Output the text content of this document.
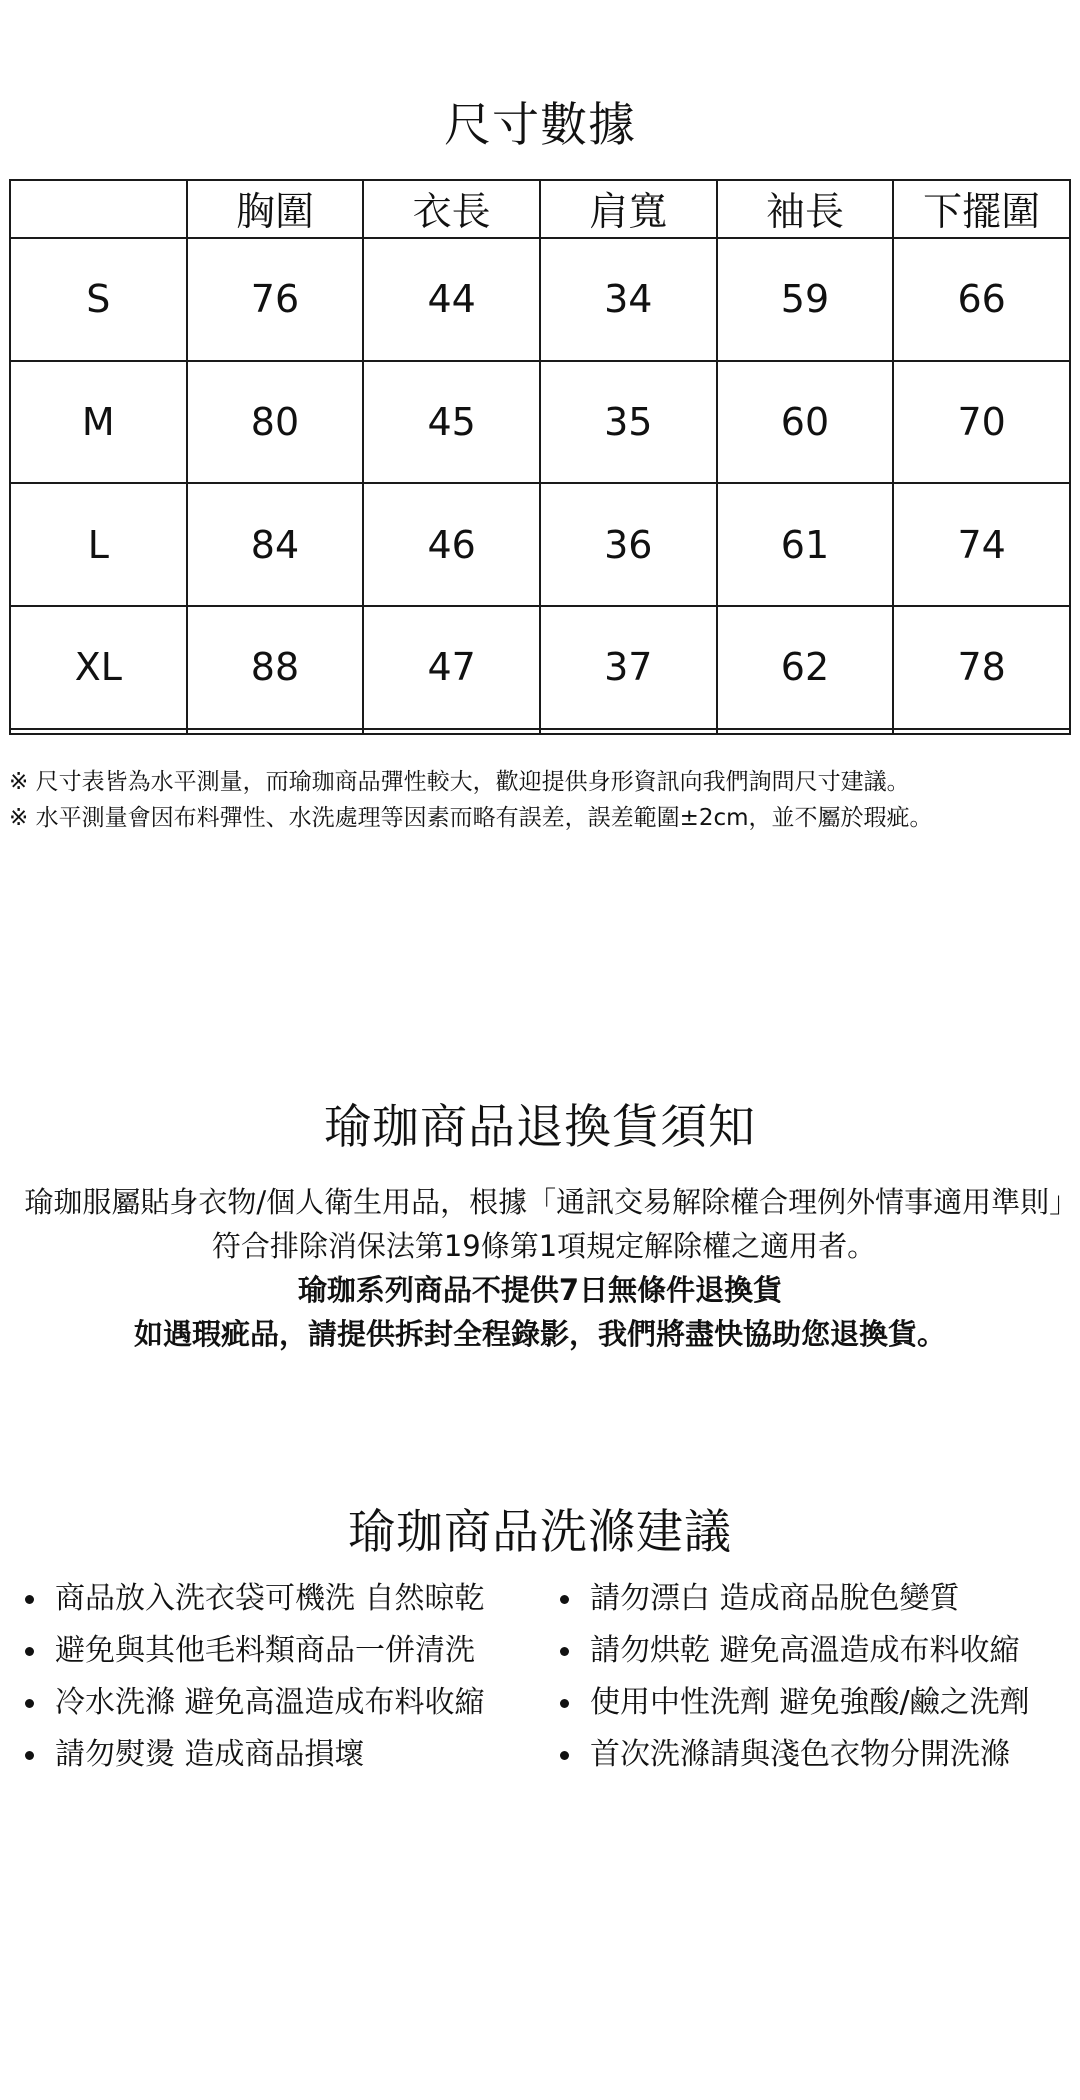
尺寸數據
	胸圍	衣長	肩寬	袖長	下擺圍
S	76	44	34	59	66
M	80	45	35	60	70
L	84	46	36	61	74
XL	88	47	37	62	78

※ 尺寸表皆為水平測量，而瑜珈商品彈性較大，歡迎提供身形資訊向我們詢問尺寸建議。
※ 水平測量會因布料彈性、水洗處理等因素而略有誤差，誤差範圍±2cm，並不屬於瑕疵。
瑜珈商品退換貨須知

瑜珈服屬貼身衣物/個人衛生用品，根據「通訊交易解除權合理例外情事適用準則」符合排除消保法第19條第1項規定解除權之適用者。

瑜珈系列商品不提供7日無條件退換貨

如遇瑕疵品，請提供拆封全程錄影，我們將盡快協助您退換貨。

瑜珈商品洗滌建議
商品放入洗衣袋可機洗 自然晾乾
避免與其他毛料類商品一併清洗
冷水洗滌 避免高溫造成布料收縮
請勿熨燙 造成商品損壞
請勿漂白 造成商品脫色變質
請勿烘乾 避免高溫造成布料收縮
使用中性洗劑 避免強酸/鹼之洗劑
首次洗滌請與淺色衣物分開洗滌
